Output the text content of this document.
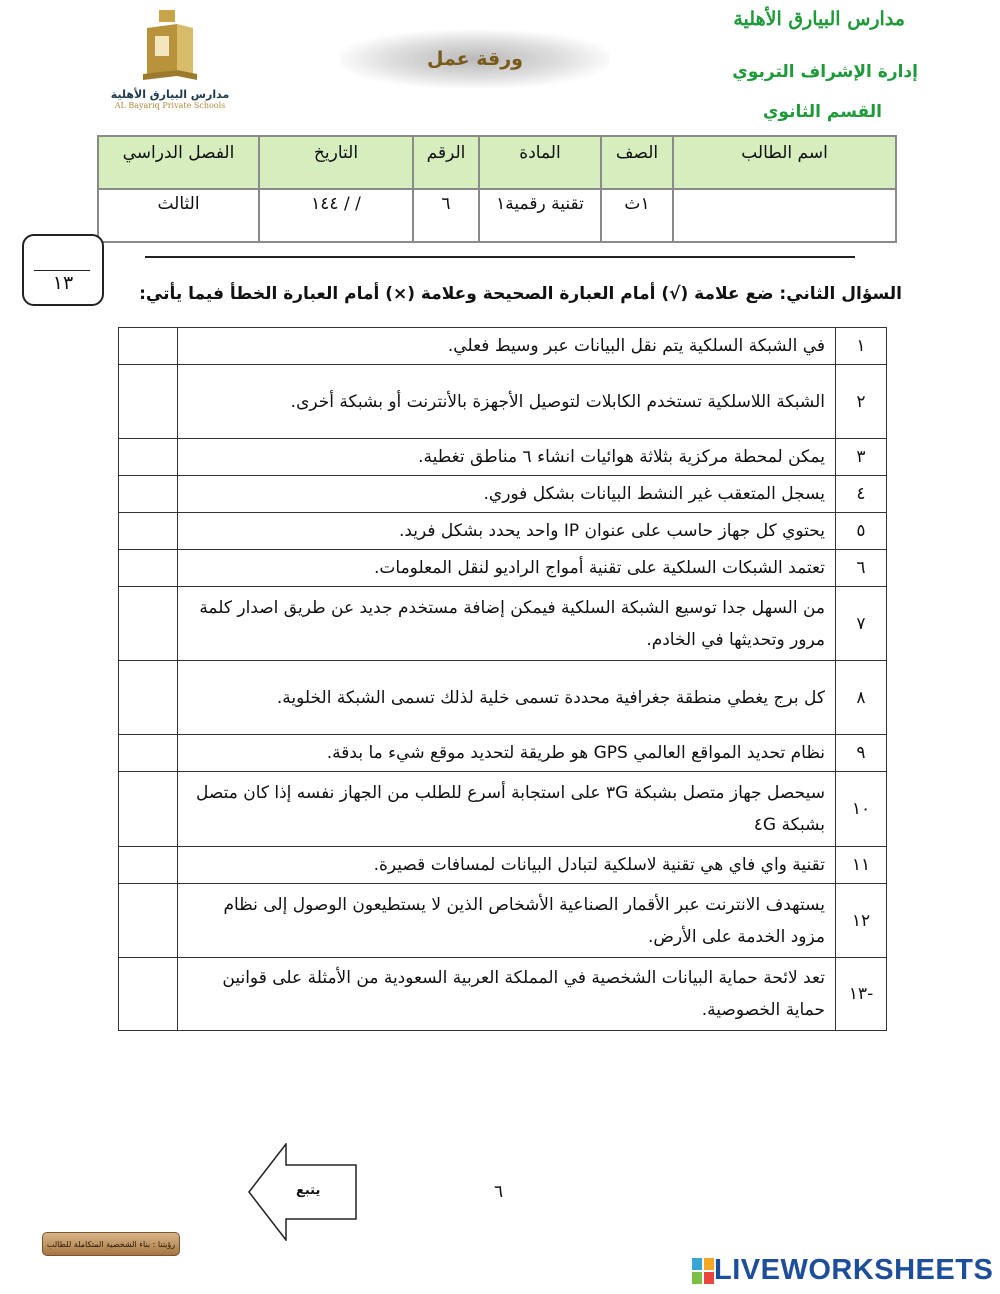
مدارس البيارق الأهلية
إدارة الإشراف التربوي
القسم الثانوي
ورقة عمل
مدارس البيارق الأهلية
AL Bayariq Private Schools
اسم الطالب	الصف	المادة	الرقم	التاريخ	الفصل الدراسي
	١ث	تقنية رقمية١	٦	/ / ١٤٤	الثالث
١٣	السؤال الثاني: ضع علامة (√) أمام العبارة الصحيحة وعلامة (×) أمام العبارة الخطأ فيما يأتي:
١	في الشبكة السلكية يتم نقل البيانات عبر وسيط فعلي.	
٢	الشبكة اللاسلكية تستخدم الكابلات لتوصيل الأجهزة بالأنترنت أو بشبكة أخرى.	
٣	يمكن لمحطة مركزية بثلاثة هوائيات انشاء ٦ مناطق تغطية.	
٤	يسجل المتعقب غير النشط البيانات بشكل فوري.	
٥	يحتوي كل جهاز حاسب على عنوان IP واحد يحدد بشكل فريد.	
٦	تعتمد الشبكات السلكية على تقنية أمواج الراديو لنقل المعلومات.	
٧	من السهل جدا توسيع الشبكة السلكية فيمكن إضافة مستخدم جديد عن طريق اصدار كلمة مرور وتحديثها في الخادم.	
٨	كل برج يغطي منطقة جغرافية محددة تسمى خلية لذلك تسمى الشبكة الخلوية.	
٩	نظام تحديد المواقع العالمي GPS هو طريقة لتحديد موقع شيء ما بدقة.	
١٠	سيحصل جهاز متصل بشبكة ٣G على استجابة أسرع للطلب من الجهاز نفسه إذا كان متصل بشبكة ٤G	
١١	تقنية واي فاي هي تقنية لاسلكية لتبادل البيانات لمسافات قصيرة.	
١٢	يستهدف الانترنت عبر الأقمار الصناعية الأشخاص الذين لا يستطيعون الوصول إلى نظام مزود الخدمة على الأرض.	
-١٣	تعد لائحة حماية البيانات الشخصية في المملكة العربية السعودية من الأمثلة على قوانين حماية الخصوصية.	
يتبع	٦
رؤيتنا : بناء الشخصية المتكاملة للطالب
LIVEWORKSHEETS
